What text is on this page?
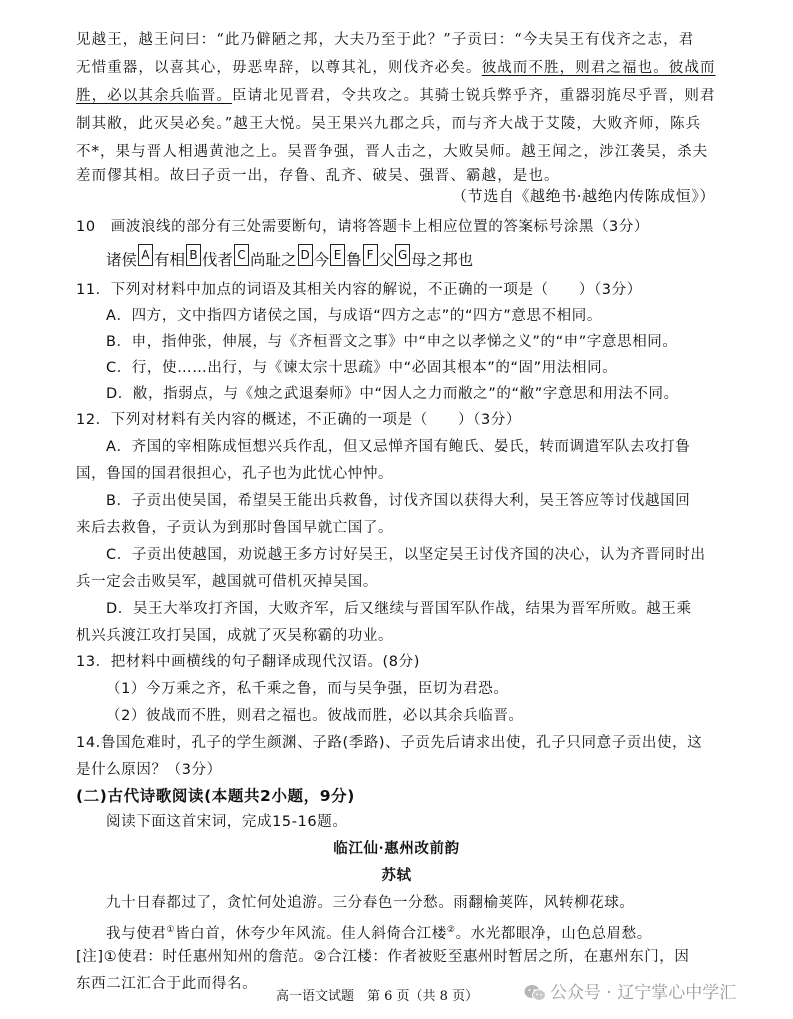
见越王，越王问曰：“此乃僻陋之邦，大夫乃至于此？”子贡曰：“今夫吴王有伐齐之志，君
无惜重器，以喜其心，毋恶卑辞，以尊其礼，则伐齐必矣。彼战而不胜，则君之福也。彼战而
胜，必以其余兵临晋。臣请北见晋君，令共攻之。其骑士锐兵弊乎齐，重器羽旄尽乎晋，则君
制其敝，此灭吴必矣。”越王大悦。吴王果兴九郡之兵，而与齐大战于艾陵，大败齐师，陈兵
不*，果与晋人相遇黄池之上。吴晋争强，晋人击之，大败吴师。越王闻之，涉江袭吴，杀夫
差而僇其相。故曰子贡一出，存鲁、乱齐、破吴、强晋、霸越，是也。
（节选自《越绝书·越绝内传陈成恒》）
10　画波浪线的部分有三处需要断句，请将答题卡上相应位置的答案标号涂黑（3分）
诸侯 A 有相 B 伐者 C 尚耻之 D 今 E 鲁 F 父 G 母之邦也
11．下列对材料中加点的词语及其相关内容的解说，不正确的一项是（　　）（3分）
A．四方，文中指四方诸侯之国，与成语“四方之志”的“四方”意思不相同。
B．申，指伸张，伸展，与《齐桓晋文之事》中“申之以孝悌之义”的“申”字意思相同。
C．行，使……出行，与《谏太宗十思疏》中“必固其根本”的“固”用法相同。
D．敝，指弱点，与《烛之武退秦师》中“因人之力而敝之”的“敝”字意思和用法不同。
12．下列对材料有关内容的概述，不正确的一项是（　　）（3分）
A．齐国的宰相陈成恒想兴兵作乱，但又忌惮齐国有鲍氏、晏氏，转而调遣军队去攻打鲁
国，鲁国的国君很担心，孔子也为此忧心忡忡。
B．子贡出使吴国，希望吴王能出兵救鲁，讨伐齐国以获得大利，吴王答应等讨伐越国回
来后去救鲁，子贡认为到那时鲁国早就亡国了。
C．子贡出使越国，劝说越王多方讨好吴王，以坚定吴王讨伐齐国的决心，认为齐晋同时出
兵一定会击败吴军，越国就可借机灭掉吴国。
D．吴王大举攻打齐国，大败齐军，后又继续与晋国军队作战，结果为晋军所败。越王乘
机兴兵渡江攻打吴国，成就了灭吴称霸的功业。
13．把材料中画横线的句子翻译成现代汉语。(8分)
（1）今万乘之齐，私千乘之鲁，而与吴争强，臣切为君恐。
（2）彼战而不胜，则君之福也。彼战而胜，必以其余兵临晋。
14.鲁国危难时，孔子的学生颜渊、子路(季路)、子贡先后请求出使，孔子只同意子贡出使，这
是什么原因？（3分）
(二)古代诗歌阅读(本题共2小题，9分)
阅读下面这首宋词，完成15-16题。
临江仙·惠州改前韵
苏轼
九十日春都过了，贪忙何处追游。三分春色一分愁。雨翻榆荚阵，风转柳花球。
我与使君①皆白首，休夸少年风流。佳人斜倚合江楼②。水光都眼净，山色总眉愁。
[注]①使君：时任惠州知州的詹范。②合江楼：作者被贬至惠州时暂居之所，在惠州东门，因
东西二江汇合于此而得名。
高一语文试题　第 6 页（共 8 页）	公众号 · 辽宁掌心中学汇
